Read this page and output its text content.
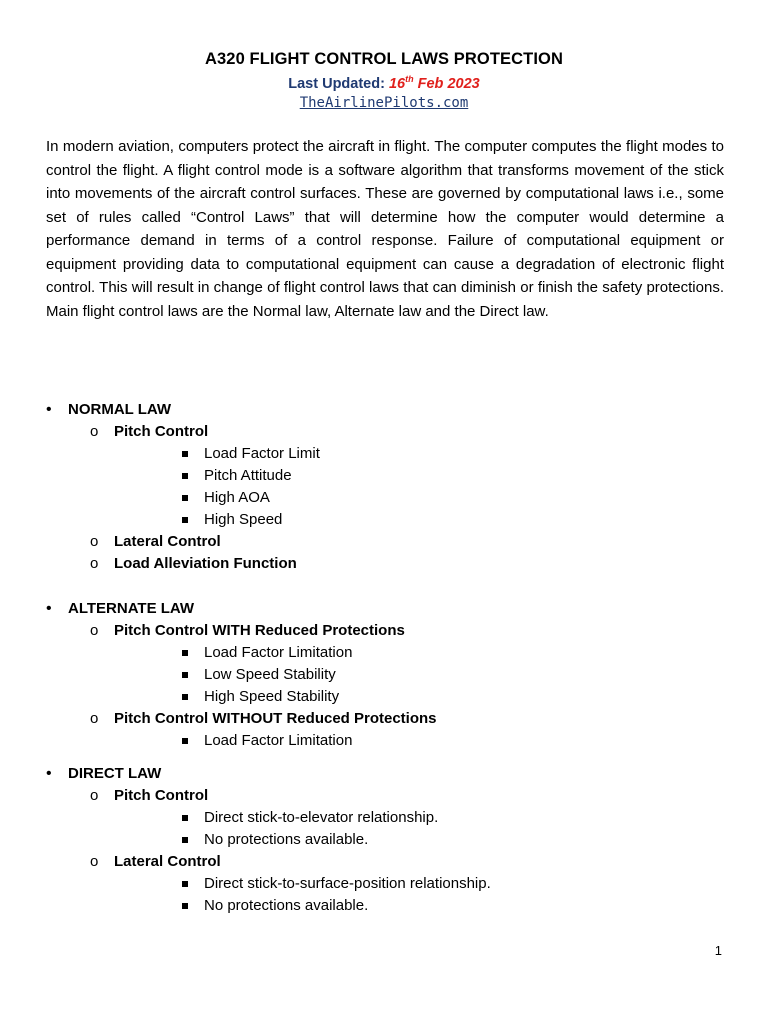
A320 FLIGHT CONTROL LAWS PROTECTION
Last Updated: 16th Feb 2023
TheAirlinePilots.com
In modern aviation, computers protect the aircraft in flight. The computer computes the flight modes to control the flight. A flight control mode is a software algorithm that transforms movement of the stick into movements of the aircraft control surfaces. These are governed by computational laws i.e., some set of rules called “Control Laws” that will determine how the computer would determine a performance demand in terms of a control response. Failure of computational equipment or equipment providing data to computational equipment can cause a degradation of electronic flight control. This will result in change of flight control laws that can diminish or finish the safety protections. Main flight control laws are the Normal law, Alternate law and the Direct law.
• NORMAL LAW
o Pitch Control
Load Factor Limit
Pitch Attitude
High AOA
High Speed
o Lateral Control
o Load Alleviation Function
• ALTERNATE LAW
o Pitch Control WITH Reduced Protections
Load Factor Limitation
Low Speed Stability
High Speed Stability
o Pitch Control WITHOUT Reduced Protections
Load Factor Limitation
• DIRECT LAW
o Pitch Control
Direct stick-to-elevator relationship.
No protections available.
o Lateral Control
Direct stick-to-surface-position relationship.
No protections available.
1
